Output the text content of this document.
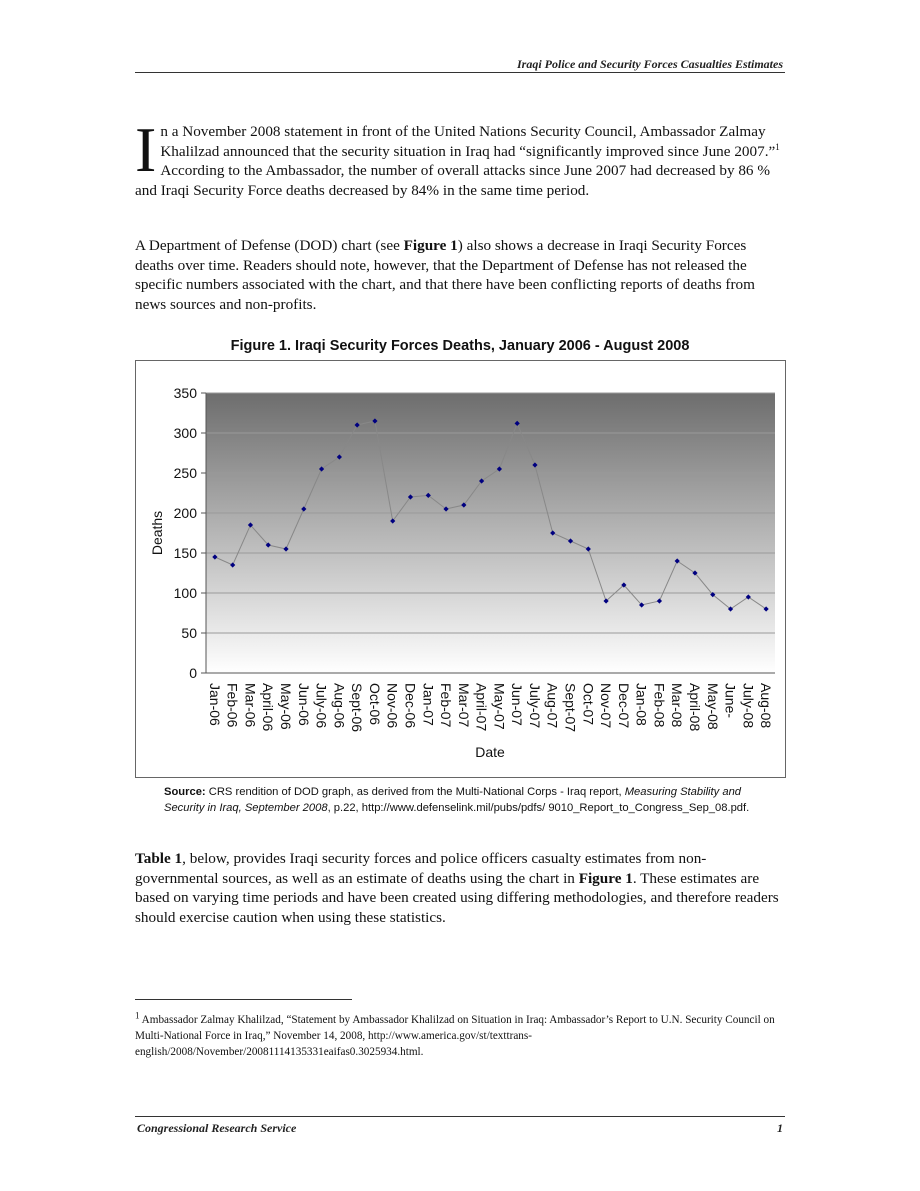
Iraqi Police and Security Forces Casualties Estimates
In a November 2008 statement in front of the United Nations Security Council, Ambassador Zalmay Khalilzad announced that the security situation in Iraq had “significantly improved since June 2007.”$^1$ According to the Ambassador, the number of overall attacks since June 2007 had decreased by 86 % and Iraqi Security Force deaths decreased by 84% in the same time period.
A Department of Defense (DOD) chart (see Figure 1) also shows a decrease in Iraqi Security Forces deaths over time. Readers should note, however, that the Department of Defense has not released the specific numbers associated with the chart, and that there have been conflicting reports of deaths from news sources and non-profits.
Figure 1. Iraqi Security Forces Deaths, January 2006 - August 2008
0
50
100
150
200
250
300
350
Jan-06 Feb-06 Mar-06 April-06 May-06 Jun-06 July-06 Aug-06 Sept-06 Oct-06 Nov-06 Dec-06 Jan-07 Feb-07 Mar-07 April-07 May-07 Jun-07 July-07 Aug-07 Sept-07 Oct-07 Nov-07 Dec-07 Jan-08 Feb-08 Mar-08 April-08 May-08 June- July-08 Aug-08
Deaths
Date
Source: CRS rendition of DOD graph, as derived from the Multi-National Corps - Iraq report, Measuring Stability and Security in Iraq, September 2008, p.22, http://www.defenselink.mil/pubs/pdfs/ 9010_Report_to_Congress_Sep_08.pdf.
Table 1, below, provides Iraqi security forces and police officers casualty estimates from non-governmental sources, as well as an estimate of deaths using the chart in Figure 1. These estimates are based on varying time periods and have been created using differing methodologies, and therefore readers should exercise caution when using these statistics.
$^1$ Ambassador Zalmay Khalilzad, “Statement by Ambassador Khalilzad on Situation in Iraq: Ambassador’s Report to U.N. Security Council on Multi-National Force in Iraq,” November 14, 2008, http://www.america.gov/st/texttrans-english/2008/November/20081114135331eaifas0.3025934.html.
Congressional Research Service	1
